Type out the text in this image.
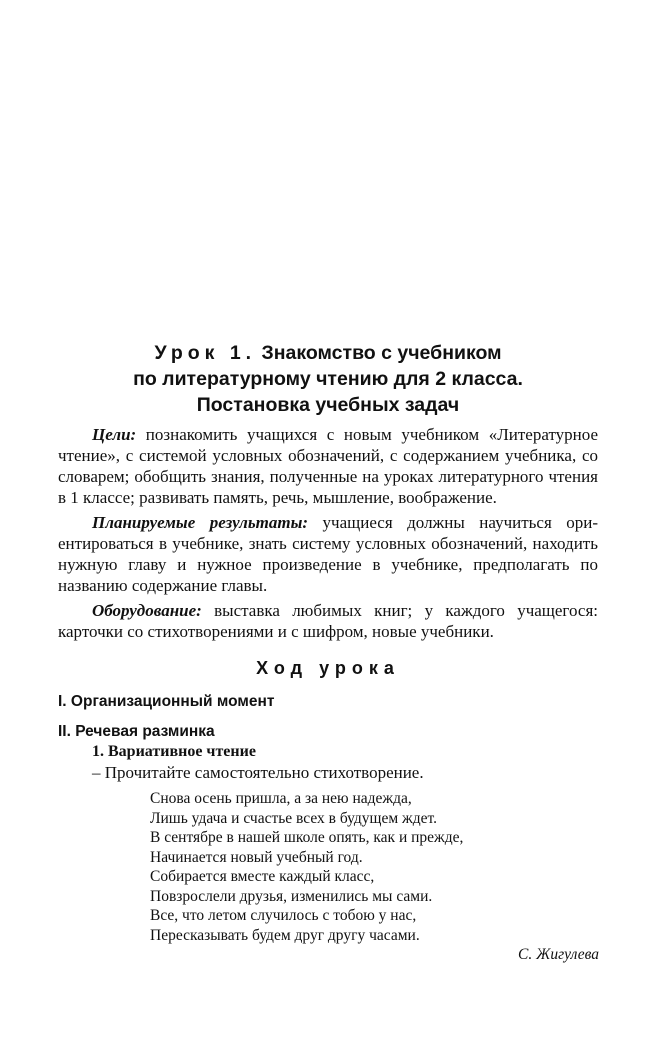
Урок 1. Знакомство с учебником
по литературному чтению для 2 класса.
Постановка учебных задач

Цели: познакомить учащихся с новым учебником «Литературное чтение», с системой условных обозначений, с содержанием учебника, со словарем; обобщить знания, полученные на уроках литературного чтения в 1 классе; развивать память, речь, мышление, воображение.

Планируемые результаты: учащиеся должны научиться ориентироваться в учебнике, знать систему условных обозначений, находить нужную главу и нужное произведение в учебнике, предполагать по названию содержание главы.

Оборудование: выставка любимых книг; у каждого учащегося: карточки со стихотворениями и с шифром, новые учебники.

Ход урока

I. Организационный момент

II. Речевая разминка

1. Вариативное чтение

– Прочитайте самостоятельно стихотворение.

Снова осень пришла, а за нею надежда,
Лишь удача и счастье всех в будущем ждет.
В сентябре в нашей школе опять, как и прежде,
Начинается новый учебный год.
Собирается вместе каждый класс,
Повзрослели друзья, изменились мы сами.
Все, что летом случилось с тобою у нас,
Пересказывать будем друг другу часами.

С. Жигулева
